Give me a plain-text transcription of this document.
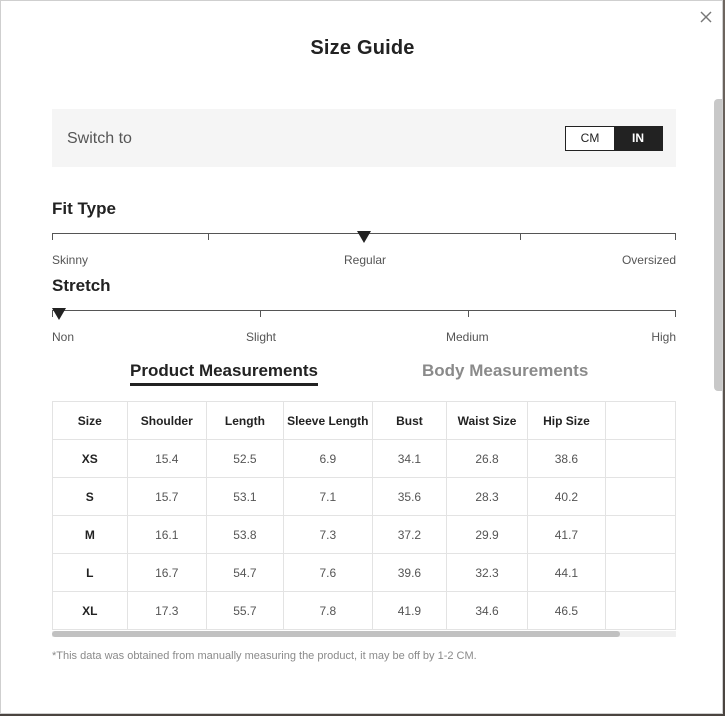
Size Guide
Switch to	CM	IN
Fit Type
Skinny	Regular	Oversized
Stretch
Non	Slight	Medium	High
Product Measurements	Body Measurements
Size	Shoulder	Length	Sleeve Length	Bust	Waist Size	Hip Size	
XS	15.4	52.5	6.9	34.1	26.8	38.6	
S	15.7	53.1	7.1	35.6	28.3	40.2	
M	16.1	53.8	7.3	37.2	29.9	41.7	
L	16.7	54.7	7.6	39.6	32.3	44.1	
XL	17.3	55.7	7.8	41.9	34.6	46.5	
*This data was obtained from manually measuring the product, it may be off by 1-2 CM.
